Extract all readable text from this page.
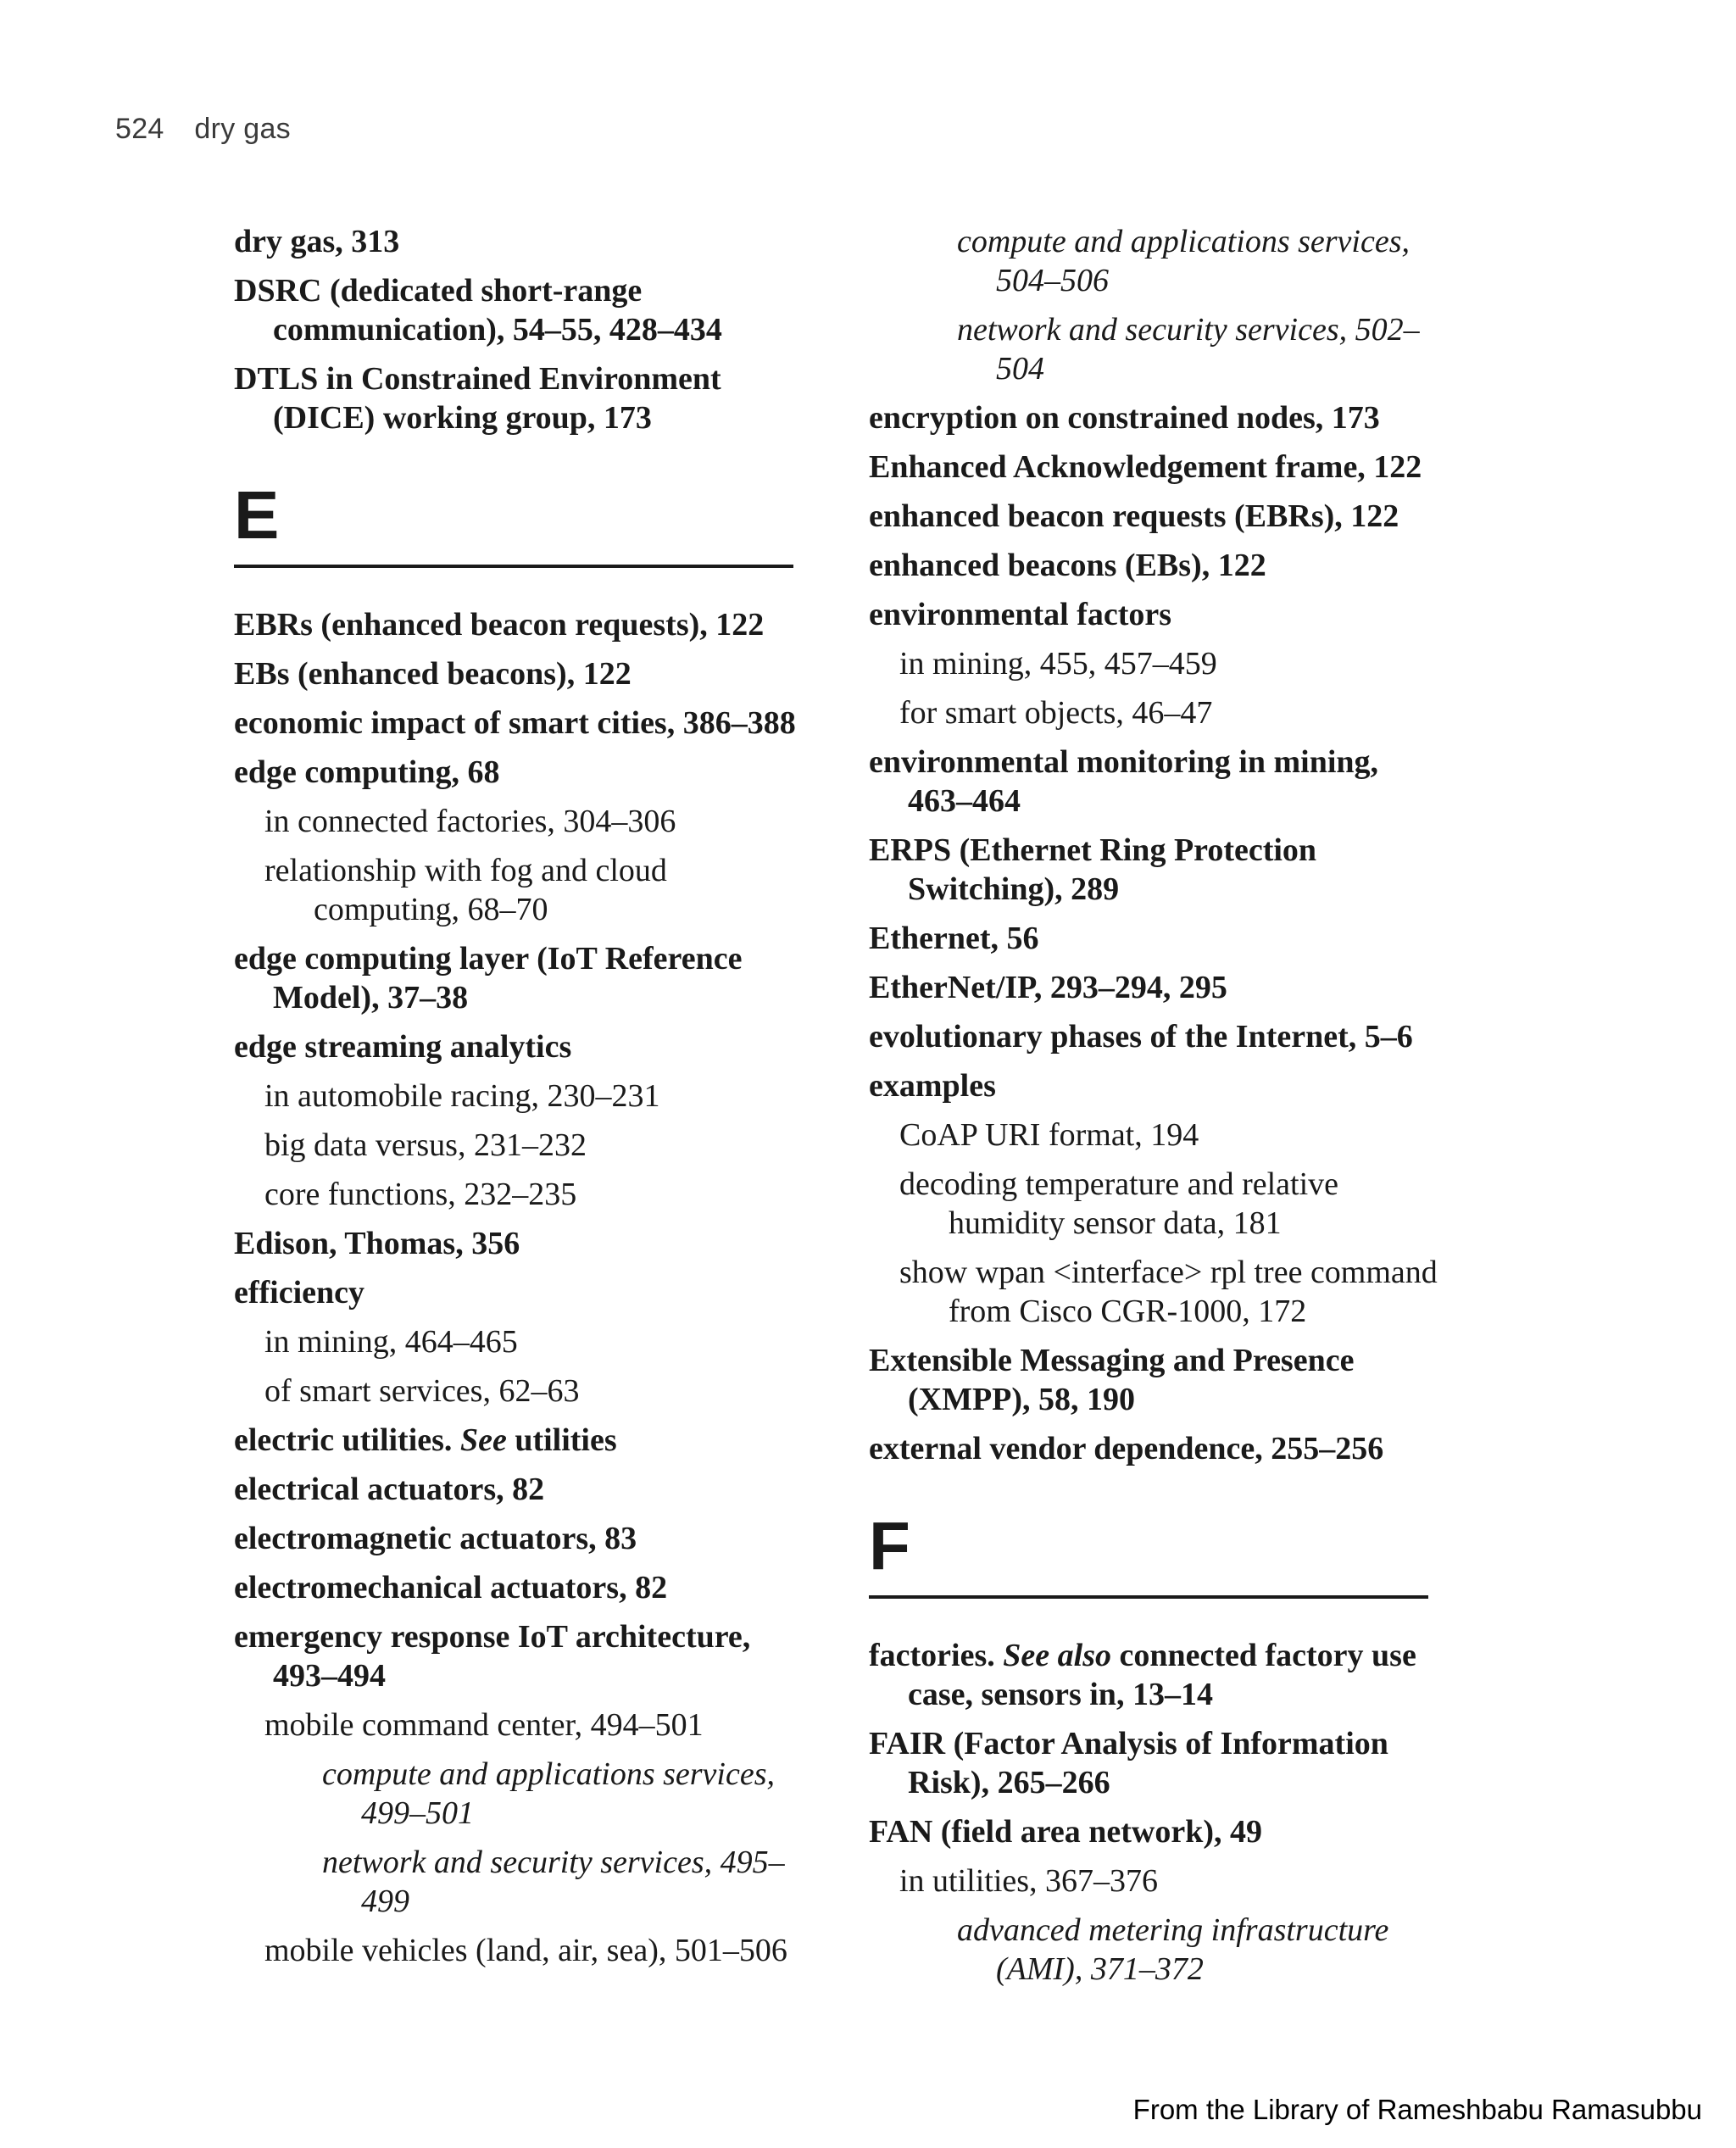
524 dry gas

dry gas, 313

DSRC (dedicated short-range communication), 54–55, 428–434

DTLS in Constrained Environment (DICE) working group, 173

E

EBRs (enhanced beacon requests), 122

EBs (enhanced beacons), 122

economic impact of smart cities, 386–388

edge computing, 68

in connected factories, 304–306

relationship with fog and cloud computing, 68–70

edge computing layer (IoT Reference Model), 37–38

edge streaming analytics

in automobile racing, 230–231

big data versus, 231–232

core functions, 232–235

Edison, Thomas, 356

efficiency

in mining, 464–465

of smart services, 62–63

electric utilities. See utilities

electrical actuators, 82

electromagnetic actuators, 83

electromechanical actuators, 82

emergency response IoT architecture, 493–494

mobile command center, 494–501

compute and applications services, 499–501

network and security services, 495–499

mobile vehicles (land, air, sea), 501–506

compute and applications services, 504–506

network and security services, 502–504

encryption on constrained nodes, 173

Enhanced Acknowledgement frame, 122

enhanced beacon requests (EBRs), 122

enhanced beacons (EBs), 122

environmental factors

in mining, 455, 457–459

for smart objects, 46–47

environmental monitoring in mining, 463–464

ERPS (Ethernet Ring Protection Switching), 289

Ethernet, 56

EtherNet/IP, 293–294, 295

evolutionary phases of the Internet, 5–6

examples

CoAP URI format, 194

decoding temperature and relative humidity sensor data, 181

show wpan <interface> rpl tree command from Cisco CGR-1000, 172

Extensible Messaging and Presence (XMPP), 58, 190

external vendor dependence, 255–256

F

factories. See also connected factory use case, sensors in, 13–14

FAIR (Factor Analysis of Information Risk), 265–266

FAN (field area network), 49

in utilities, 367–376

advanced metering infrastructure (AMI), 371–372

From the Library of Rameshbabu Ramasubbu
